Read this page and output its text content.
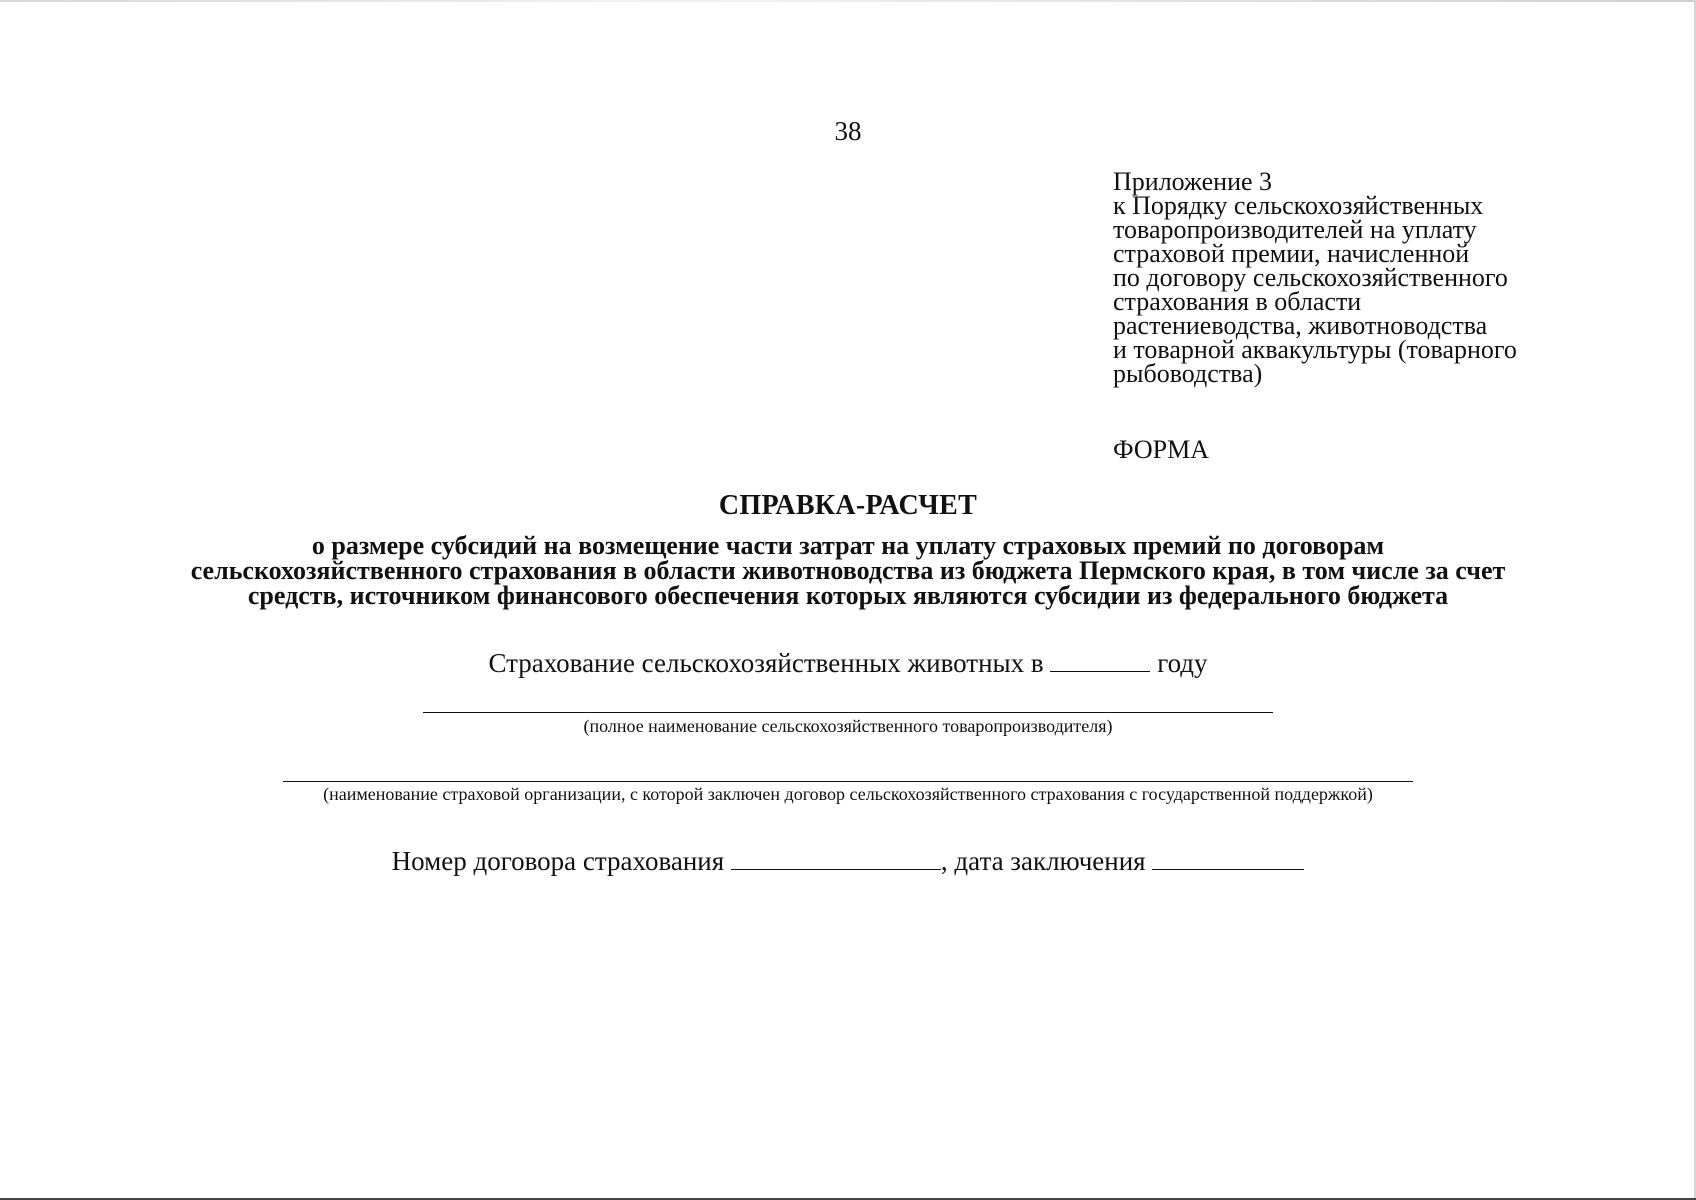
38
Приложение 3
к Порядку сельскохозяйственных
товаропроизводителей на уплату
страховой премии, начисленной
по договору сельскохозяйственного
страхования в области
растениеводства, животноводства
и товарной аквакультуры (товарного
рыбоводства)
ФОРМА
СПРАВКА-РАСЧЕТ
о размере субсидий на возмещение части затрат на уплату страховых премий по договорам
сельскохозяйственного страхования в области животноводства из бюджета Пермского края, в том числе за счет
средств, источником финансового обеспечения которых являются субсидии из федерального бюджета
Страхование сельскохозяйственных животных в	году
(полное наименование сельскохозяйственного товаропроизводителя)
(наименование страховой организации, с которой заключен договор сельскохозяйственного страхования с государственной поддержкой)
Номер договора страхования	, дата заключения
